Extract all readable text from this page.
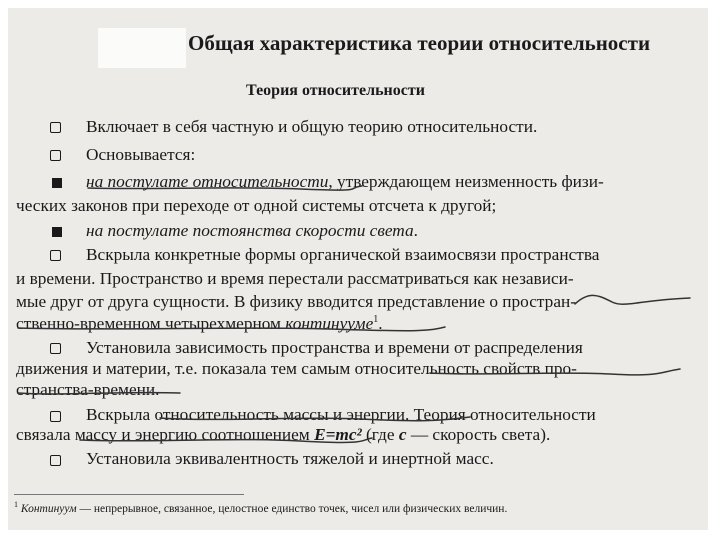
Общая характеристика теории относительности
Теория относительности
Включает в себя частную и общую теорию относительности.
Основывается:
на постулате относительности, утверждающем неизменность физи-
ческих законов при переходе от одной системы отсчета к другой;
на постулате постоянства скорости света.
Вскрыла конкретные формы органической взаимосвязи пространства
и времени. Пространство и время перестали рассматриваться как независи-
мые друг от друга сущности. В физику вводится представление о простран-
ственно-временном четырехмерном континууме$^1$.
Установила зависимость пространства и времени от распределения
движения и материи, т.е. показала тем самым относительность свойств про-
странства-времени.
Вскрыла относительность массы и энергии. Теория относительности
связала массу и энергию соотношением E=mc² (где c — скорость света).
Установила эквивалентность тяжелой и инертной масс.
$^1$ Континуум — непрерывное, связанное, целостное единство точек, чисел или физических величин.
